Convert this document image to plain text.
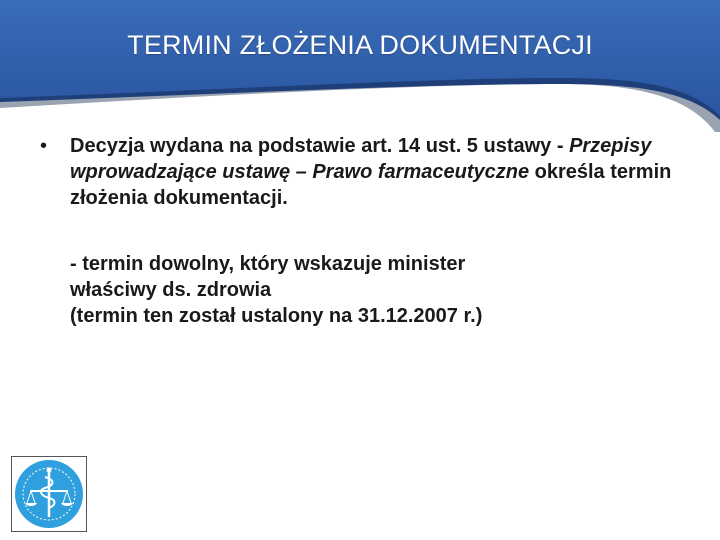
TERMIN ZŁOŻENIA DOKUMENTACJI
•	Decyzja wydana na podstawie art. 14 ust. 5 ustawy - Przepisy wprowadzające ustawę – Prawo farmaceutyczne określa termin złożenia dokumentacji.
- termin dowolny, który wskazuje minister
właściwy ds. zdrowia
(termin ten został ustalony na 31.12.2007 r.)
